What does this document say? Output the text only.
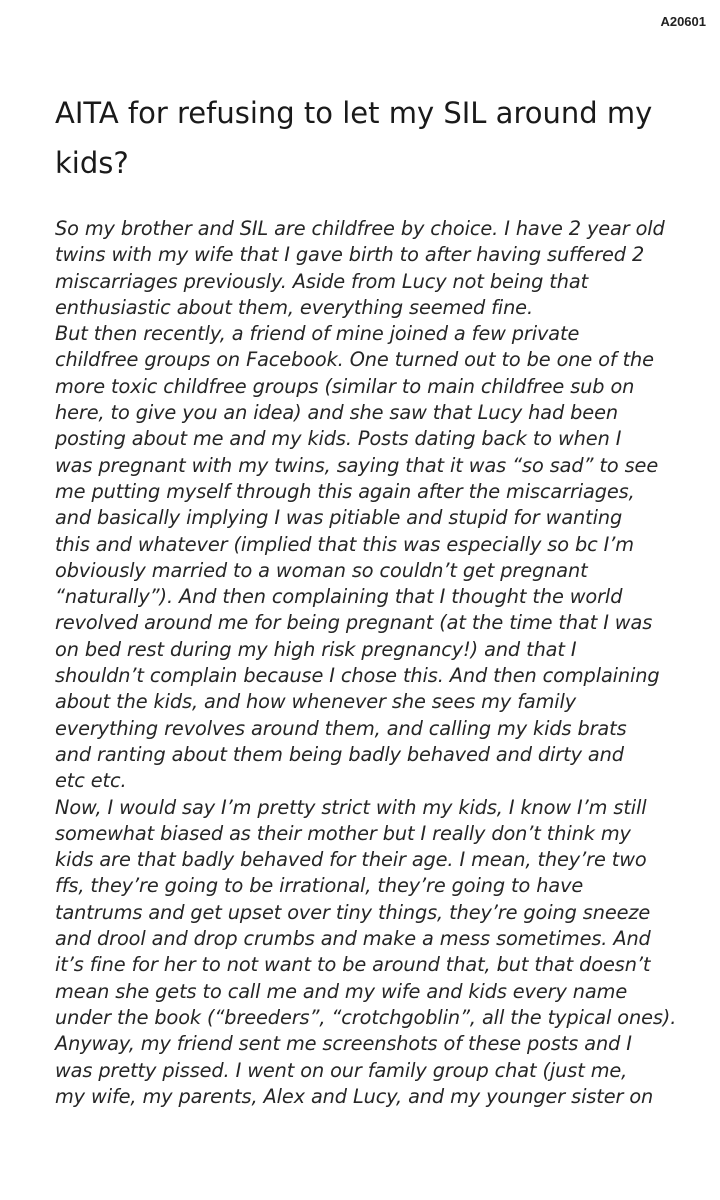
A20601
AITA for refusing to let my SIL around my kids?
So my brother and SIL are childfree by choice. I have 2 year old
twins with my wife that I gave birth to after having suffered 2
miscarriages previously. Aside from Lucy not being that
enthusiastic about them, everything seemed fine.
But then recently, a friend of mine joined a few private
childfree groups on Facebook. One turned out to be one of the
more toxic childfree groups (similar to main childfree sub on
here, to give you an idea) and she saw that Lucy had been
posting about me and my kids. Posts dating back to when I
was pregnant with my twins, saying that it was “so sad” to see
me putting myself through this again after the miscarriages,
and basically implying I was pitiable and stupid for wanting
this and whatever (implied that this was especially so bc I’m
obviously married to a woman so couldn’t get pregnant
“naturally”). And then complaining that I thought the world
revolved around me for being pregnant (at the time that I was
on bed rest during my high risk pregnancy!) and that I
shouldn’t complain because I chose this. And then complaining
about the kids, and how whenever she sees my family
everything revolves around them, and calling my kids brats
and ranting about them being badly behaved and dirty and
etc etc.
Now, I would say I’m pretty strict with my kids, I know I’m still
somewhat biased as their mother but I really don’t think my
kids are that badly behaved for their age. I mean, they’re two
ffs, they’re going to be irrational, they’re going to have
tantrums and get upset over tiny things, they’re going sneeze
and drool and drop crumbs and make a mess sometimes. And
it’s fine for her to not want to be around that, but that doesn’t
mean she gets to call me and my wife and kids every name
under the book (“breeders”, “crotchgoblin”, all the typical ones).
Anyway, my friend sent me screenshots of these posts and I
was pretty pissed. I went on our family group chat (just me,
my wife, my parents, Alex and Lucy, and my younger sister on
